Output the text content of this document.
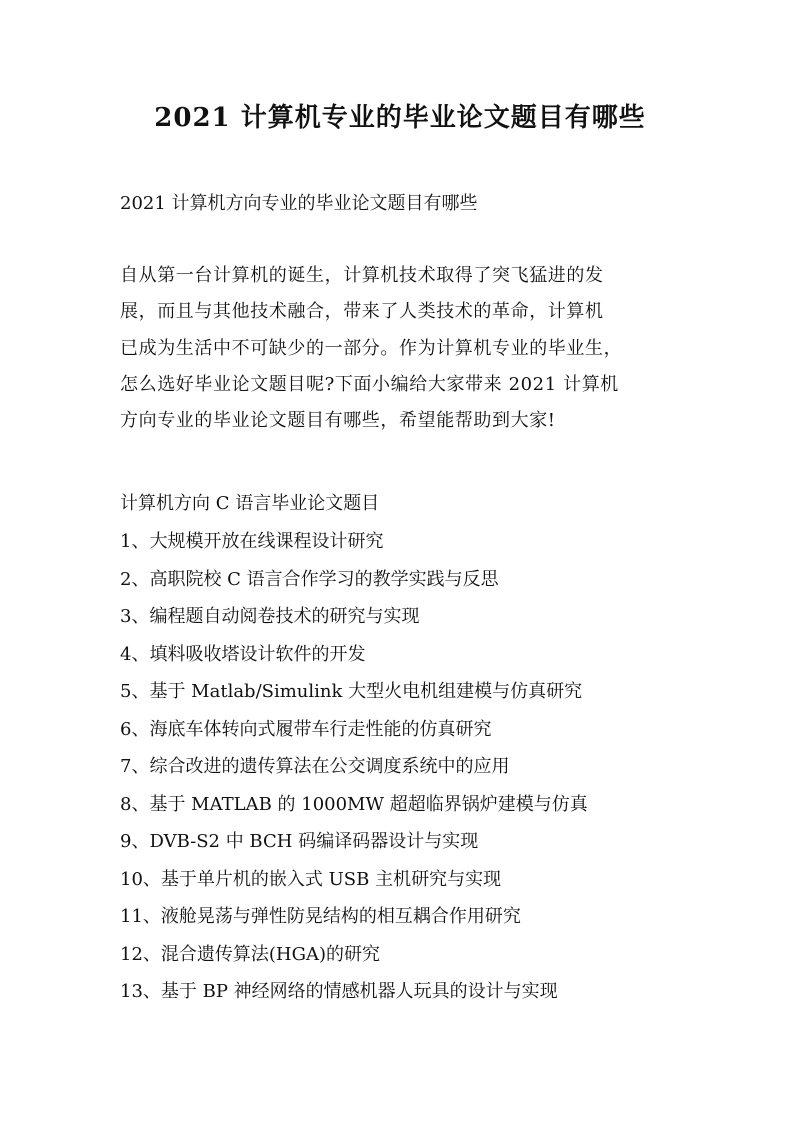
2021 计算机专业的毕业论文题目有哪些

2021 计算机方向专业的毕业论文题目有哪些

自从第一台计算机的诞生，计算机技术取得了突飞猛进的发
展，而且与其他技术融合，带来了人类技术的革命，计算机
已成为生活中不可缺少的一部分。作为计算机专业的毕业生，
怎么选好毕业论文题目呢?下面小编给大家带来 2021 计算机
方向专业的毕业论文题目有哪些，希望能帮助到大家!

计算机方向 C 语言毕业论文题目

1、大规模开放在线课程设计研究
2、高职院校 C 语言合作学习的教学实践与反思
3、编程题自动阅卷技术的研究与实现
4、填料吸收塔设计软件的开发
5、基于 Matlab/Simulink 大型火电机组建模与仿真研究
6、海底车体转向式履带车行走性能的仿真研究
7、综合改进的遗传算法在公交调度系统中的应用
8、基于 MATLAB 的 1000MW 超超临界锅炉建模与仿真
9、DVB-S2 中 BCH 码编译码器设计与实现
10、基于单片机的嵌入式 USB 主机研究与实现
11、液舱晃荡与弹性防晃结构的相互耦合作用研究
12、混合遗传算法(HGA)的研究
13、基于 BP 神经网络的情感机器人玩具的设计与实现
